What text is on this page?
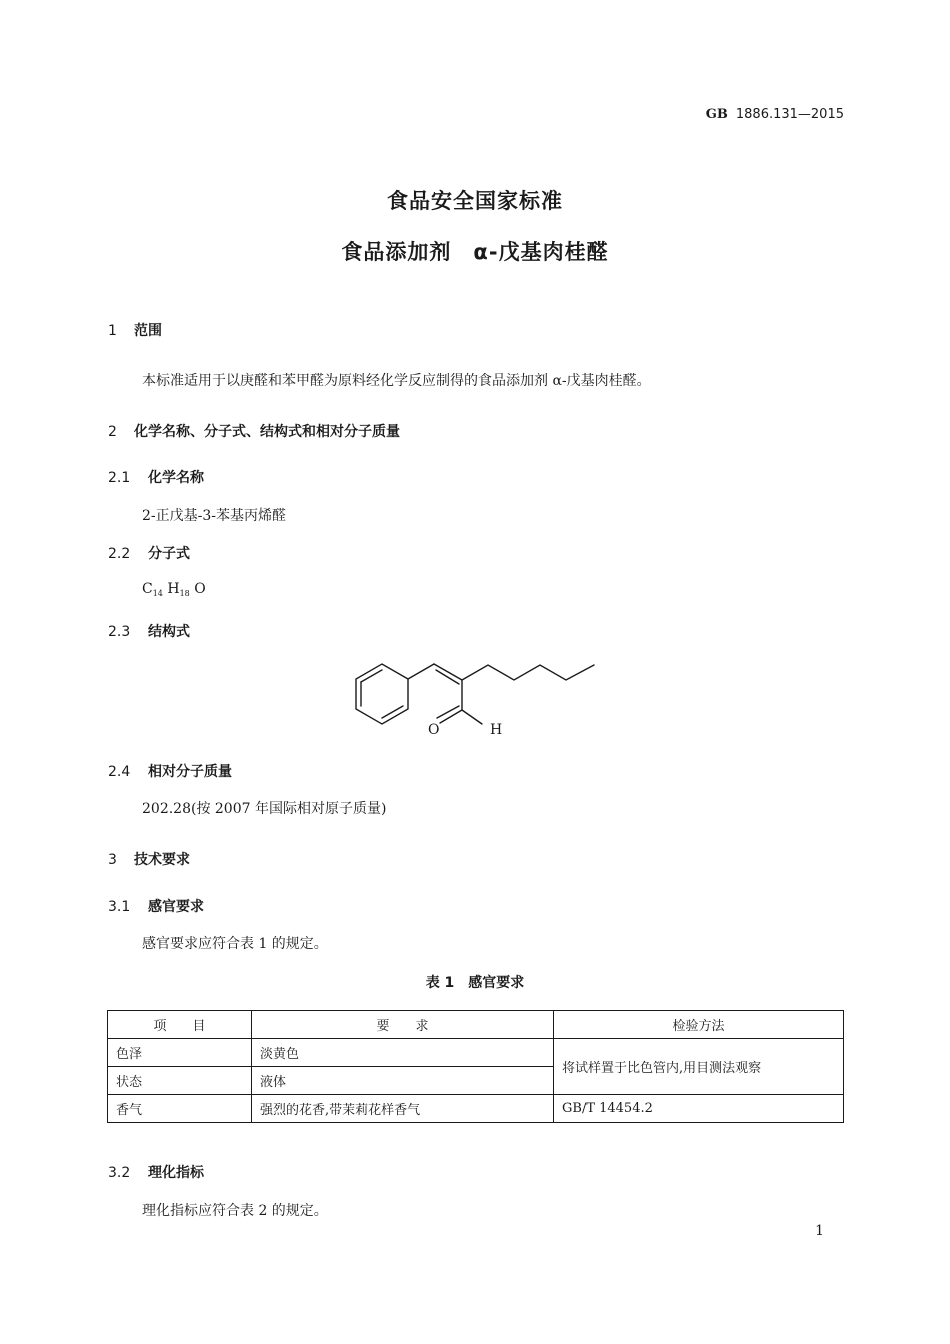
GB 1886.131—2015
食品安全国家标准
食品添加剂　α-戊基肉桂醛
1 范围
本标准适用于以庚醛和苯甲醛为原料经化学反应制得的食品添加剂 α-戊基肉桂醛。
2 化学名称、分子式、结构式和相对分子质量
2.1 化学名称
2-正戊基-3-苯基丙烯醛
2.2 分子式
$C_{14}$ $H_{18}$ O
2.3 结构式
O	H
2.4 相对分子质量
202.28(按 2007 年国际相对原子质量)
3 技术要求
3.1 感官要求
感官要求应符合表 1 的规定。
表 1　感官要求
项　　目	要　　求	检验方法
色泽	淡黄色	将试样置于比色管内,用目测法观察
状态	液体	
香气	强烈的花香,带茉莉花样香气	GB/T 14454.2
3.2 理化指标
理化指标应符合表 2 的规定。
1
